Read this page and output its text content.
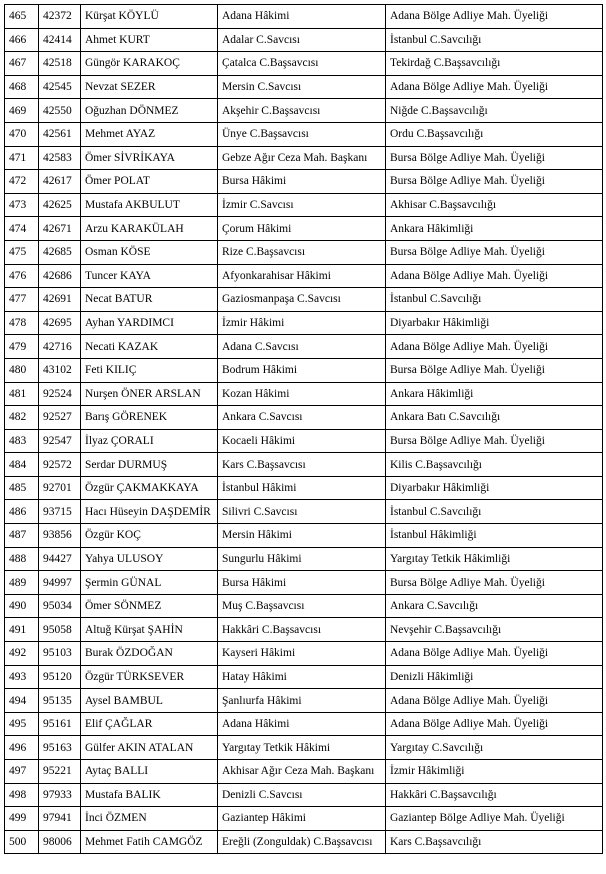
465	42372	Kürşat KÖYLÜ	Adana Hâkimi	Adana Bölge Adliye Mah. Üyeliği
466	42414	Ahmet KURT	Adalar C.Savcısı	İstanbul C.Savcılığı
467	42518	Güngör KARAKOÇ	Çatalca C.Başsavcısı	Tekirdağ C.Başsavcılığı
468	42545	Nevzat SEZER	Mersin C.Savcısı	Adana Bölge Adliye Mah. Üyeliği
469	42550	Oğuzhan DÖNMEZ	Akşehir C.Başsavcısı	Niğde C.Başsavcılığı
470	42561	Mehmet AYAZ	Ünye C.Başsavcısı	Ordu C.Başsavcılığı
471	42583	Ömer SİVRİKAYA	Gebze Ağır Ceza Mah. Başkanı	Bursa Bölge Adliye Mah. Üyeliği
472	42617	Ömer POLAT	Bursa Hâkimi	Bursa Bölge Adliye Mah. Üyeliği
473	42625	Mustafa AKBULUT	İzmir C.Savcısı	Akhisar C.Başsavcılığı
474	42671	Arzu KARAKÜLAH	Çorum Hâkimi	Ankara Hâkimliği
475	42685	Osman KÖSE	Rize C.Başsavcısı	Bursa Bölge Adliye Mah. Üyeliği
476	42686	Tuncer KAYA	Afyonkarahisar Hâkimi	Adana Bölge Adliye Mah. Üyeliği
477	42691	Necat BATUR	Gaziosmanpaşa C.Savcısı	İstanbul C.Savcılığı
478	42695	Ayhan YARDIMCI	İzmir Hâkimi	Diyarbakır Hâkimliği
479	42716	Necati KAZAK	Adana C.Savcısı	Adana Bölge Adliye Mah. Üyeliği
480	43102	Feti KILIÇ	Bodrum Hâkimi	Bursa Bölge Adliye Mah. Üyeliği
481	92524	Nurşen ÖNER ARSLAN	Kozan Hâkimi	Ankara Hâkimliği
482	92527	Barış GÖRENEK	Ankara C.Savcısı	Ankara Batı C.Savcılığı
483	92547	İlyaz ÇORALI	Kocaeli Hâkimi	Bursa Bölge Adliye Mah. Üyeliği
484	92572	Serdar DURMUŞ	Kars C.Başsavcısı	Kilis C.Başsavcılığı
485	92701	Özgür ÇAKMAKKAYA	İstanbul Hâkimi	Diyarbakır Hâkimliği
486	93715	Hacı Hüseyin DAŞDEMİR	Silivri C.Savcısı	İstanbul C.Savcılığı
487	93856	Özgür KOÇ	Mersin Hâkimi	İstanbul Hâkimliği
488	94427	Yahya ULUSOY	Sungurlu Hâkimi	Yargıtay Tetkik Hâkimliği
489	94997	Şermin GÜNAL	Bursa Hâkimi	Bursa Bölge Adliye Mah. Üyeliği
490	95034	Ömer SÖNMEZ	Muş C.Başsavcısı	Ankara C.Savcılığı
491	95058	Altuğ Kürşat ŞAHİN	Hakkâri C.Başsavcısı	Nevşehir C.Başsavcılığı
492	95103	Burak ÖZDOĞAN	Kayseri Hâkimi	Adana Bölge Adliye Mah. Üyeliği
493	95120	Özgür TÜRKSEVER	Hatay Hâkimi	Denizli Hâkimliği
494	95135	Aysel BAMBUL	Şanlıurfa Hâkimi	Adana Bölge Adliye Mah. Üyeliği
495	95161	Elif ÇAĞLAR	Adana Hâkimi	Adana Bölge Adliye Mah. Üyeliği
496	95163	Gülfer AKIN ATALAN	Yargıtay Tetkik Hâkimi	Yargıtay C.Savcılığı
497	95221	Aytaç BALLI	Akhisar Ağır Ceza Mah. Başkanı	İzmir Hâkimliği
498	97933	Mustafa BALIK	Denizli C.Savcısı	Hakkâri C.Başsavcılığı
499	97941	İnci ÖZMEN	Gaziantep Hâkimi	Gaziantep Bölge Adliye Mah. Üyeliği
500	98006	Mehmet Fatih CAMGÖZ	Ereğli (Zonguldak) C.Başsavcısı	Kars C.Başsavcılığı
